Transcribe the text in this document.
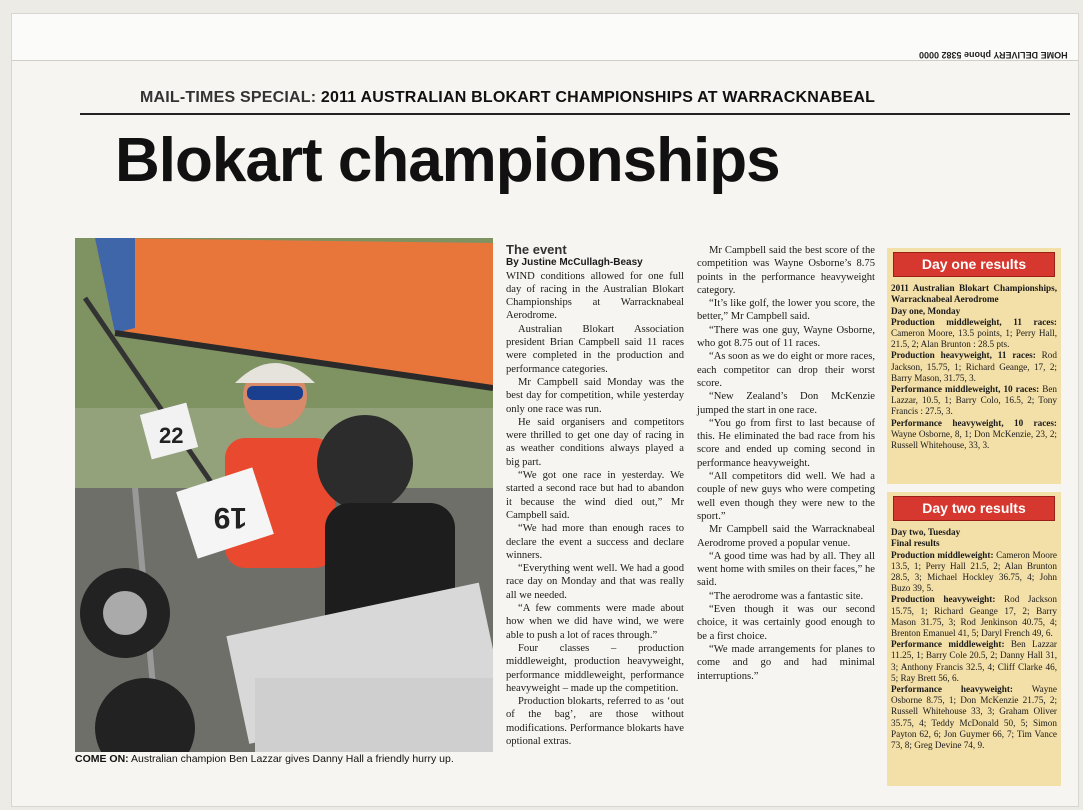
HOME DELIVERY phone 5382 0000
MAIL-TIMES SPECIAL: 2011 AUSTRALIAN BLOKART CHAMPIONSHIPS AT WARRACKNABEAL
Blokart championships
22
19
COME ON: Australian champion Ben Lazzar gives Danny Hall a friendly hurry up.

The event

By Justine McCullagh-Beasy

WIND conditions allowed for one full day of racing in the Australian Blokart Championships at Warracknabeal Aerodrome.

Australian Blokart Association president Brian Campbell said 11 races were completed in the production and performance categories.

Mr Campbell said Monday was the best day for competition, while yesterday only one race was run.

He said organisers and competitors were thrilled to get one day of racing in as weather conditions always played a big part.

“We got one race in yesterday. We started a second race but had to abandon it because the wind died out,” Mr Campbell said.

“We had more than enough races to declare the event a success and declare winners.

“Everything went well. We had a good race day on Monday and that was really all we needed.

“A few comments were made about how when we did have wind, we were able to push a lot of races through.”

Four classes – production middleweight, production heavyweight, performance middleweight, performance heavyweight – made up the competition.

Production blokarts, referred to as ‘out of the bag’, are those without modifications. Performance blokarts have optional extras.

Mr Campbell said the best score of the competition was Wayne Osborne’s 8.75 points in the performance heavyweight category.

“It’s like golf, the lower you score, the better,” Mr Campbell said.

“There was one guy, Wayne Osborne, who got 8.75 out of 11 races.

“As soon as we do eight or more races, each competitor can drop their worst score.

“New Zealand’s Don McKenzie jumped the start in one race.

“You go from first to last because of this. He eliminated the bad race from his score and ended up coming second in performance heavyweight.

“All competitors did well. We had a couple of new guys who were competing well even though they were new to the sport.”

Mr Campbell said the Warracknabeal Aerodrome proved a popular venue.

“A good time was had by all. They all went home with smiles on their faces,” he said.

“The aerodrome was a fantastic site.

“Even though it was our second choice, it was certainly good enough to be a first choice.

“We made arrangements for planes to come and go and had minimal interruptions.”

Day one results

2011 Australian Blokart Championships, Warracknabeal Aerodrome

Day one, Monday

Production middleweight, 11 races: Cameron Moore, 13.5 points, 1; Perry Hall, 21.5, 2; Alan Brunton : 28.5 pts.

Production heavyweight, 11 races: Rod Jackson, 15.75, 1; Richard Geange, 17, 2; Barry Mason, 31.75, 3.

Performance middleweight, 10 races: Ben Lazzar, 10.5, 1; Barry Colo, 16.5, 2; Tony Francis : 27.5, 3.

Performance heavyweight, 10 races: Wayne Osborne, 8, 1; Don McKenzie, 23, 2; Russell Whitehouse, 33, 3.

Day two results

Day two, Tuesday

Final results

Production middleweight: Cameron Moore 13.5, 1; Perry Hall 21.5, 2; Alan Brunton 28.5, 3; Michael Hockley 36.75, 4; John Buzo 39, 5.

Production heavyweight: Rod Jackson 15.75, 1; Richard Geange 17, 2; Barry Mason 31.75, 3; Rod Jenkinson 40.75, 4; Brenton Emanuel 41, 5; Daryl French 49, 6.

Performance middleweight: Ben Lazzar 11.25, 1; Barry Cole 20.5, 2; Danny Hall 31, 3; Anthony Francis 32.5, 4; Cliff Clarke 46, 5; Ray Brett 56, 6.

Performance heavyweight: Wayne Osborne 8.75, 1; Don McKenzie 21.75, 2; Russell Whitehouse 33, 3; Graham Oliver 35.75, 4; Teddy McDonald 50, 5; Simon Payton 62, 6; Jon Guymer 66, 7; Tim Vance 73, 8; Greg Devine 74, 9.
